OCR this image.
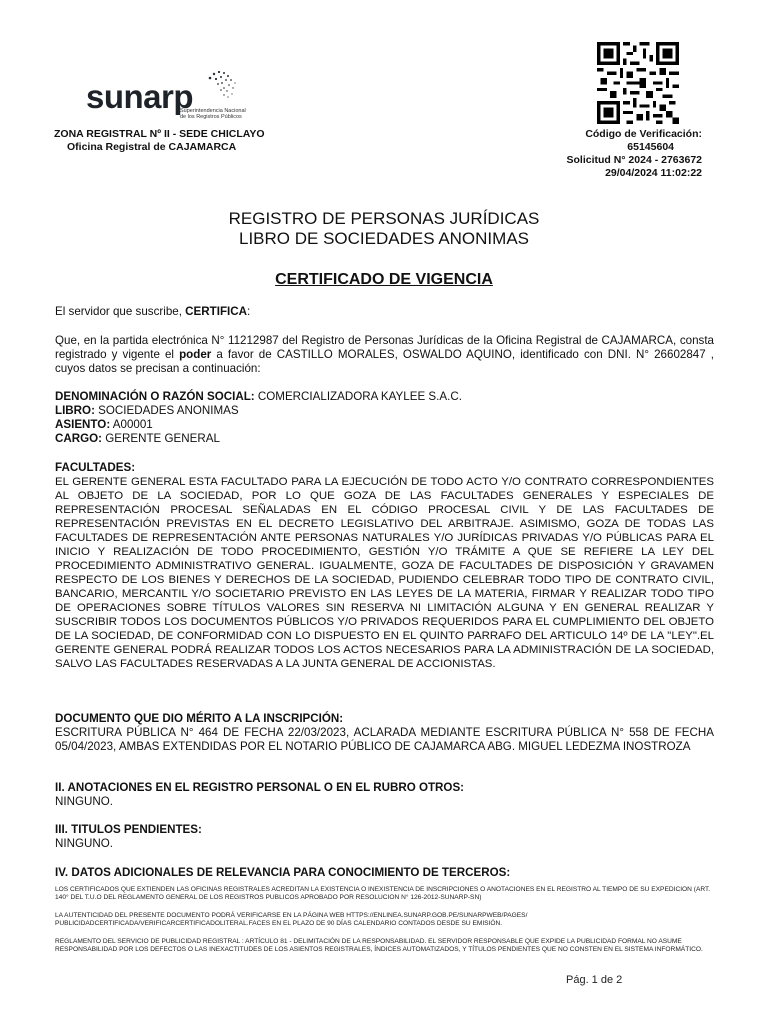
sunarp
Superintendencia Nacional de los Registros Públicos
ZONA REGISTRAL Nº II - SEDE CHICLAYO
Oficina Registral de CAJAMARCA
Código de Verificación:
65145604
Solicitud N° 2024 - 2763672
29/04/2024 11:02:22
REGISTRO DE PERSONAS JURÍDICAS
LIBRO DE SOCIEDADES ANONIMAS
CERTIFICADO DE VIGENCIA
El servidor que suscribe, CERTIFICA:
Que, en la partida electrónica N° 11212987 del Registro de Personas Jurídicas de la Oficina Registral de CAJAMARCA, consta registrado y vigente el poder a favor de CASTILLO MORALES, OSWALDO AQUINO, identificado con DNI. N° 26602847 , cuyos datos se precisan a continuación:
DENOMINACIÓN O RAZÓN SOCIAL: COMERCIALIZADORA KAYLEE S.A.C.
LIBRO: SOCIEDADES ANONIMAS
ASIENTO: A00001
CARGO: GERENTE GENERAL
FACULTADES:
EL GERENTE GENERAL ESTA FACULTADO PARA LA EJECUCIÓN DE TODO ACTO Y/O CONTRATO CORRESPONDIENTES AL OBJETO DE LA SOCIEDAD, POR LO QUE GOZA DE LAS FACULTADES GENERALES Y ESPECIALES DE REPRESENTACIÓN PROCESAL SEÑALADAS EN EL CÓDIGO PROCESAL CIVIL Y DE LAS FACULTADES DE REPRESENTACIÓN PREVISTAS EN EL DECRETO LEGISLATIVO DEL ARBITRAJE. ASIMISMO, GOZA DE TODAS LAS FACULTADES DE REPRESENTACIÓN ANTE PERSONAS NATURALES Y/O JURÍDICAS PRIVADAS Y/O PÚBLICAS PARA EL INICIO Y REALIZACIÓN DE TODO PROCEDIMIENTO, GESTIÓN Y/O TRÁMITE A QUE SE REFIERE LA LEY DEL PROCEDIMIENTO ADMINISTRATIVO GENERAL. IGUALMENTE, GOZA DE FACULTADES DE DISPOSICIÓN Y GRAVAMEN RESPECTO DE LOS BIENES Y DERECHOS DE LA SOCIEDAD, PUDIENDO CELEBRAR TODO TIPO DE CONTRATO CIVIL, BANCARIO, MERCANTIL Y/O SOCIETARIO PREVISTO EN LAS LEYES DE LA MATERIA, FIRMAR Y REALIZAR TODO TIPO DE OPERACIONES SOBRE TÍTULOS VALORES SIN RESERVA NI LIMITACIÓN ALGUNA Y EN GENERAL REALIZAR Y SUSCRIBIR TODOS LOS DOCUMENTOS PÚBLICOS Y/O PRIVADOS REQUERIDOS PARA EL CUMPLIMIENTO DEL OBJETO DE LA SOCIEDAD, DE CONFORMIDAD CON LO DISPUESTO EN EL QUINTO PARRAFO DEL ARTICULO 14º DE LA "LEY".EL GERENTE GENERAL PODRÁ REALIZAR TODOS LOS ACTOS NECESARIOS PARA LA ADMINISTRACIÓN DE LA SOCIEDAD, SALVO LAS FACULTADES RESERVADAS A LA JUNTA GENERAL DE ACCIONISTAS.
DOCUMENTO QUE DIO MÉRITO A LA INSCRIPCIÓN:
ESCRITURA PÚBLICA N° 464 DE FECHA 22/03/2023, ACLARADA MEDIANTE ESCRITURA PÚBLICA N° 558 DE FECHA 05/04/2023, AMBAS EXTENDIDAS POR EL NOTARIO PÚBLICO DE CAJAMARCA ABG. MIGUEL LEDEZMA INOSTROZA
II. ANOTACIONES EN EL REGISTRO PERSONAL O EN EL RUBRO OTROS:
NINGUNO.
III. TITULOS PENDIENTES:
NINGUNO.
IV. DATOS ADICIONALES DE RELEVANCIA PARA CONOCIMIENTO DE TERCEROS:
LOS CERTIFICADOS QUE EXTIENDEN LAS OFICINAS REGISTRALES ACREDITAN LA EXISTENCIA O INEXISTENCIA DE INSCRIPCIONES O ANOTACIONES EN EL REGISTRO AL TIEMPO DE SU EXPEDICION (ART. 140° DEL T.U.O DEL REGLAMENTO GENERAL DE LOS REGISTROS PUBLICOS APROBADO POR RESOLUCION N° 126-2012-SUNARP-SN)
LA AUTENTICIDAD DEL PRESENTE DOCUMENTO PODRÁ VERIFICARSE EN LA PÁGINA WEB HTTPS://ENLINEA.SUNARP.GOB.PE/SUNARPWEB/PAGES/ PUBLICIDADCERTIFICADA/VERIFICARCERTIFICADOLITERAL.FACES EN EL PLAZO DE 90 DÍAS CALENDARIO CONTADOS DESDE SU EMISIÓN.
REGLAMENTO DEL SERVICIO DE PUBLICIDAD REGISTRAL : ARTÍCULO 81 - DELIMITACIÓN DE LA RESPONSABILIDAD. EL SERVIDOR RESPONSABLE QUE EXPIDE LA PUBLICIDAD FORMAL NO ASUME RESPONSABILIDAD POR LOS DEFECTOS O LAS INEXACTITUDES DE LOS ASIENTOS REGISTRALES, ÍNDICES AUTOMATIZADOS, Y TÍTULOS PENDIENTES QUE NO CONSTEN EN EL SISTEMA INFORMÁTICO.
Pág. 1 de 2
